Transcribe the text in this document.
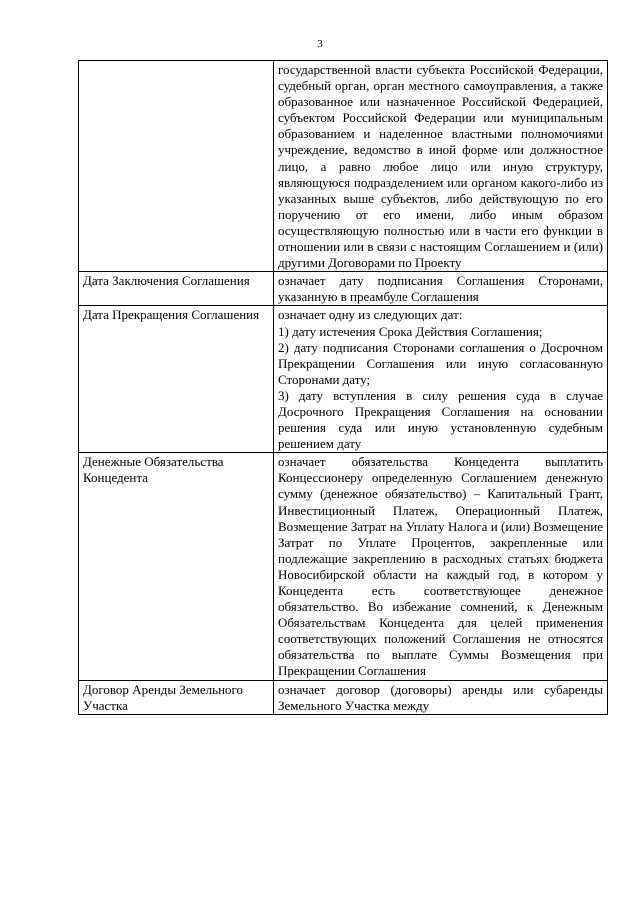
3

	государственной власти субъекта Российской Федерации, судебный орган, орган местного самоуправления, а также образованное или назначенное Российской Федерацией, субъектом Российской Федерации или муниципальным образованием и наделенное властными полномочиями учреждение, ведомство в иной форме или должностное лицо, а равно любое лицо или иную структуру, являющуюся подразделением или органом какого-либо из указанных выше субъектов, либо действующую по его поручению от его имени, либо иным образом осуществляющую полностью или в части его функции в отношении или в связи с настоящим Соглашением и (или) другими Договорами по Проекту

Дата Заключения Соглашения	означает дату подписания Соглашения Сторонами, указанную в преамбуле Соглашения

Дата Прекращения Соглашения	означает одну из следующих дат:
1) дату истечения Срока Действия Соглашения;
2) дату подписания Сторонами соглашения о Досрочном Прекращении Соглашения или иную согласованную Сторонами дату;
3) дату вступления в силу решения суда в случае Досрочного Прекращения Соглашения на основании решения суда или иную установленную судебным решением дату

Денежные Обязательства Концедента	означает обязательства Концедента выплатить Концессионеру определенную Соглашением денежную сумму (денежное обязательство) – Капитальный Грант, Инвестиционный Платеж, Операционный Платеж, Возмещение Затрат на Уплату Налога и (или) Возмещение Затрат по Уплате Процентов, закрепленные или подлежащие закреплению в расходных статьях бюджета Новосибирской области на каждый год, в котором у Концедента есть соответствующее денежное обязательство. Во избежание сомнений, к Денежным Обязательствам Концедента для целей применения соответствующих положений Соглашения не относятся обязательства по выплате Суммы Возмещения при Прекращении Соглашения

Договор Аренды Земельного Участка	означает договор (договоры) аренды или субаренды Земельного Участка между
